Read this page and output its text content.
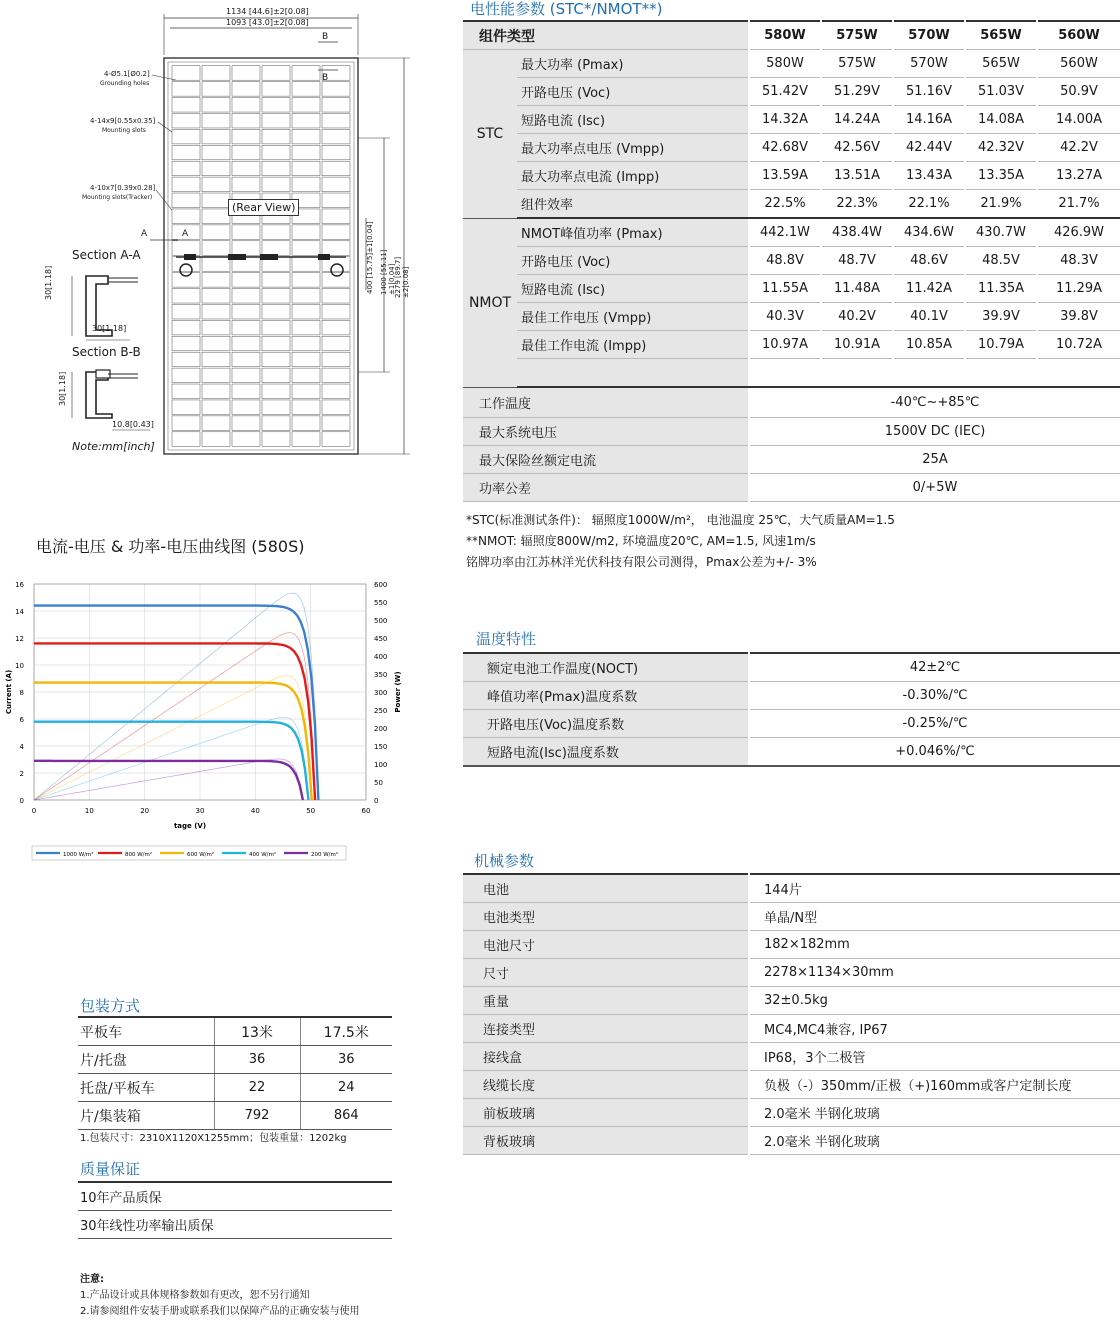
1134 [44.6]±2[0.08]
1093 [43.0]±2[0.08]
4-Ø5.1[Ø0.2]
Grounding holes
4-14x9[0.55x0.35]
Mounting slots
4-10x7[0.39x0.28]
Mounting slots(Tracker)
(Rear View)
A	A
B
B
Section A-A
Section B-B
30[1.18]
30[1.18]
30[1.18]
10.8[0.43]
400 [15.75]±1[0.04] 1400 [55.11]±1[0.04]
2279 [89.7]±2[0.08]
Note:mm[inch]
电流-电压 & 功率-电压曲线图 (580S)
0	10	20	30	40	50	60
0
2
4
6
8
10
12
14
16
0
50
100
150
200
250
300
350
400
450
500
550
600
tage (V)
Current (A)	Power (W)
1000 W/m²	800 W/m²	600 W/m²	400 W/m²	200 W/m²
电性能参数 (STC*/NMOT**)
组件类型		580W	575W	570W	565W	560W
STC	最大功率 (Pmax)	580W	575W	570W	565W	560W
	开路电压 (Voc)	51.42V	51.29V	51.16V	51.03V	50.9V
	短路电流 (Isc)	14.32A	14.24A	14.16A	14.08A	14.00A
	最大功率点电压 (Vmpp)	42.68V	42.56V	42.44V	42.32V	42.2V
	最大功率点电流 (Impp)	13.59A	13.51A	13.43A	13.35A	13.27A
	组件效率	22.5%	22.3%	22.1%	21.9%	21.7%
NMOT	NMOT峰值功率 (Pmax)	442.1W	438.4W	434.6W	430.7W	426.9W
	开路电压 (Voc)	48.8V	48.7V	48.6V	48.5V	48.3V
	短路电流 (Isc)	11.55A	11.48A	11.42A	11.35A	11.29A
	最佳工作电压 (Vmpp)	40.3V	40.2V	40.1V	39.9V	39.8V
	最佳工作电流 (Impp)	10.97A	10.91A	10.85A	10.79A	10.72A

工作温度		-40℃~+85℃				
最大系统电压		1500V DC (IEC)				
最大保险丝额定电流		25A				
功率公差		0/+5W				
*STC(标准测试条件)： 辐照度1000W/m²， 电池温度 25℃，大气质量AM=1.5
**NMOT: 辐照度800W/m2, 环境温度20℃, AM=1.5, 风速1m/s
铭牌功率由江苏林洋光伏科技有限公司测得，Pmax公差为+/- 3%
温度特性
额定电池工作温度(NOCT)	42±2℃
峰值功率(Pmax)温度系数	-0.30%/℃
开路电压(Voc)温度系数	-0.25%/℃
短路电流(Isc)温度系数	+0.046%/℃
机械参数
电池	144片
电池类型	单晶/N型
电池尺寸	182×182mm
尺寸	2278×1134×30mm
重量	32±0.5kg
连接类型	MC4,MC4兼容, IP67
接线盒	IP68，3个二极管
线缆长度	负极（-）350mm/正极（+)160mm或客户定制长度
前板玻璃	2.0毫米 半钢化玻璃
背板玻璃	2.0毫米 半钢化玻璃
包装方式
平板车	13米	17.5米
片/托盘	36	36
托盘/平板车	22	24
片/集装箱	792	864
1.包装尺寸：2310X1120X1255mm；包装重量：1202kg
质量保证
10年产品质保
30年线性功率输出质保
注意:
1.产品设计或具体规格参数如有更改，恕不另行通知
2.请参阅组件安装手册或联系我们以保障产品的正确安装与使用
